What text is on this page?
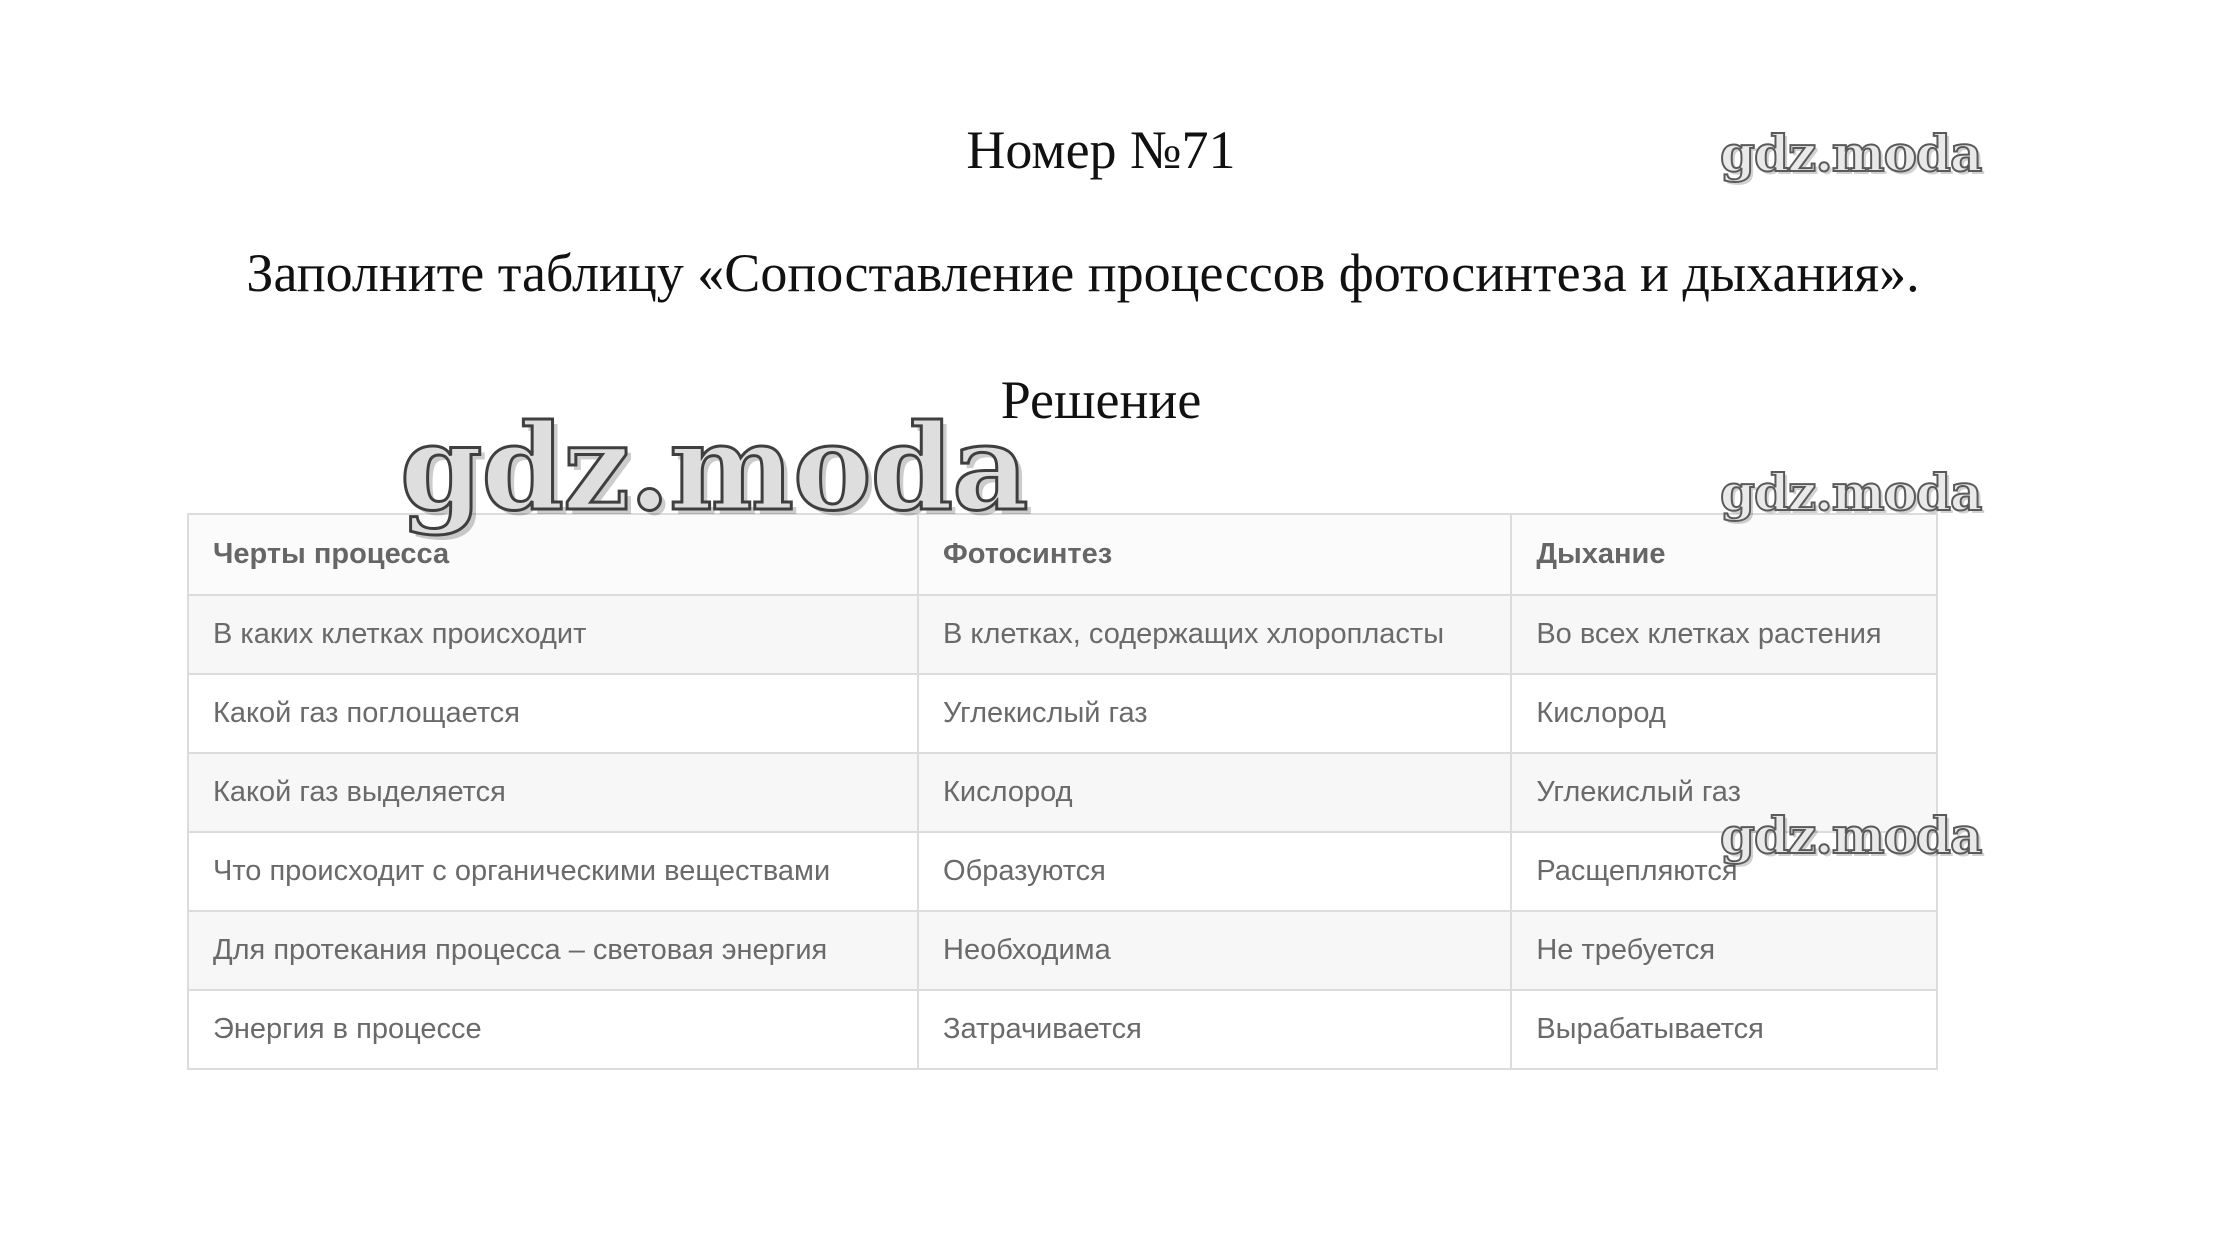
Номер №71
Заполните таблицу «Сопоставление процессов фотосинтеза и дыхания».
Решение
gdz.moda
gdz.moda
gdz.moda
gdz.moda
Черты процесса	Фотосинтез	Дыхание
В каких клетках происходит	В клетках, содержащих хлоропласты	Во всех клетках растения
Какой газ поглощается	Углекислый газ	Кислород
Какой газ выделяется	Кислород	Углекислый газ
Что происходит с органическими веществами	Образуются	Расщепляются
Для протекания процесса – световая энергия	Необходима	Не требуется
Энергия в процессе	Затрачивается	Вырабатывается
